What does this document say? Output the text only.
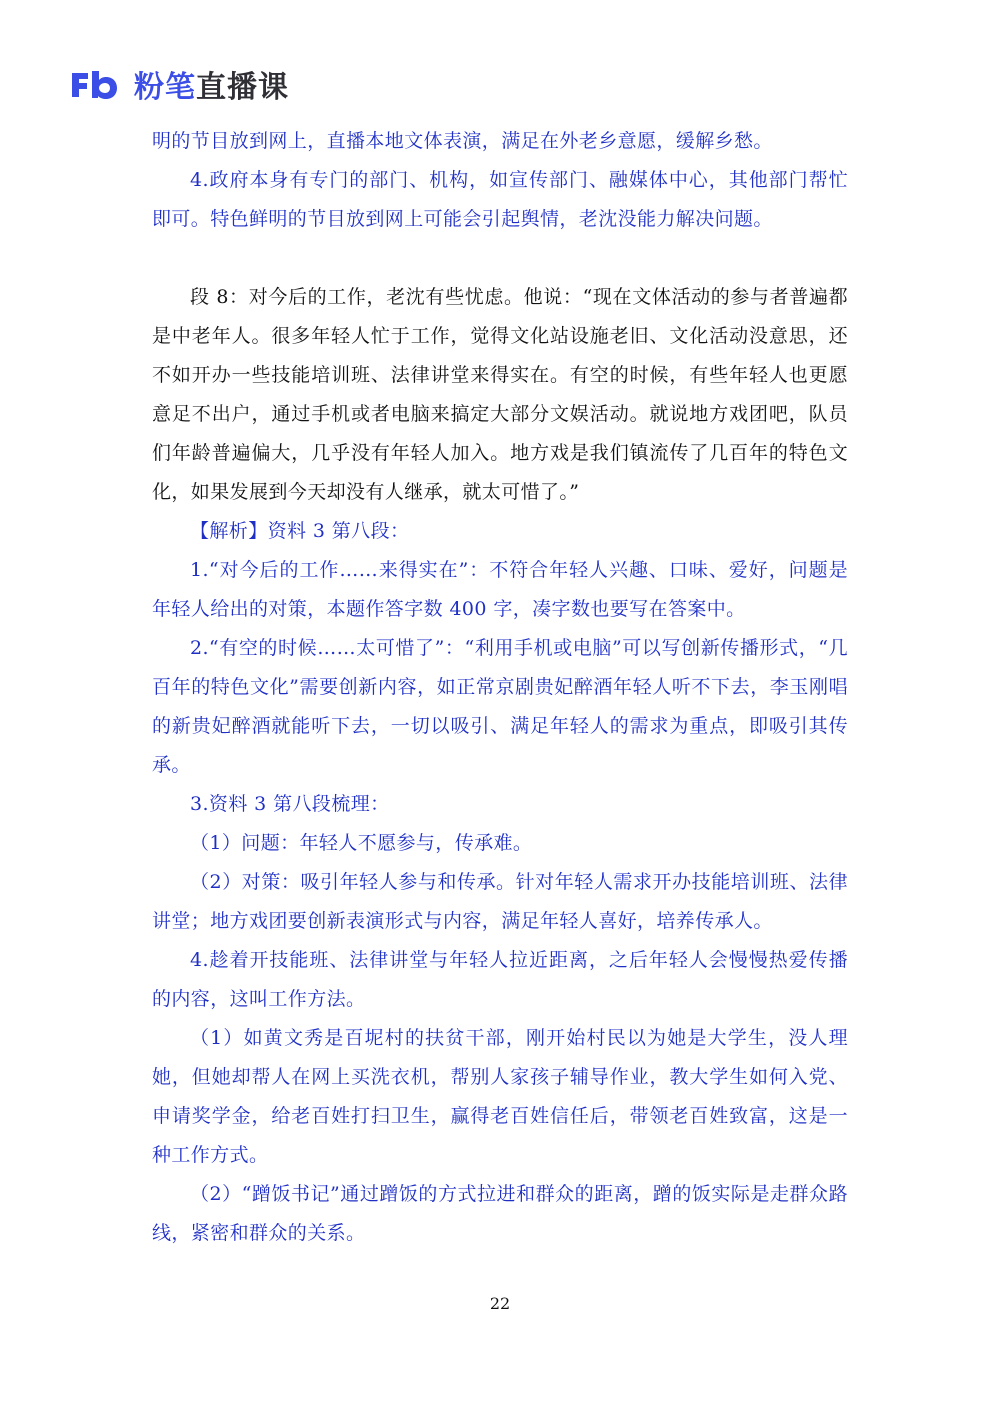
粉笔直播课

明的节目放到网上，直播本地文体表演，满足在外老乡意愿，缓解乡愁。

4.政府本身有专门的部门、机构，如宣传部门、融媒体中心，其他部门帮忙即可。特色鲜明的节目放到网上可能会引起舆情，老沈没能力解决问题。

段 8：对今后的工作，老沈有些忧虑。他说：“现在文体活动的参与者普遍都是中老年人。很多年轻人忙于工作，觉得文化站设施老旧、文化活动没意思，还不如开办一些技能培训班、法律讲堂来得实在。有空的时候，有些年轻人也更愿意足不出户，通过手机或者电脑来搞定大部分文娱活动。就说地方戏团吧，队员们年龄普遍偏大，几乎没有年轻人加入。地方戏是我们镇流传了几百年的特色文化，如果发展到今天却没有人继承，就太可惜了。”

【解析】资料 3 第八段：

1.“对今后的工作……来得实在”：不符合年轻人兴趣、口味、爱好，问题是年轻人给出的对策，本题作答字数 400 字，凑字数也要写在答案中。

2.“有空的时候……太可惜了”：“利用手机或电脑”可以写创新传播形式，“几百年的特色文化”需要创新内容，如正常京剧贵妃醉酒年轻人听不下去，李玉刚唱的新贵妃醉酒就能听下去，一切以吸引、满足年轻人的需求为重点，即吸引其传承。

3.资料 3 第八段梳理：

（1）问题：年轻人不愿参与，传承难。

（2）对策：吸引年轻人参与和传承。针对年轻人需求开办技能培训班、法律讲堂；地方戏团要创新表演形式与内容，满足年轻人喜好，培养传承人。

4.趁着开技能班、法律讲堂与年轻人拉近距离，之后年轻人会慢慢热爱传播的内容，这叫工作方法。

（1）如黄文秀是百坭村的扶贫干部，刚开始村民以为她是大学生，没人理她，但她却帮人在网上买洗衣机，帮别人家孩子辅导作业，教大学生如何入党、申请奖学金，给老百姓打扫卫生，赢得老百姓信任后，带领老百姓致富，这是一种工作方式。

（2）“蹭饭书记”通过蹭饭的方式拉进和群众的距离，蹭的饭实际是走群众路线，紧密和群众的关系。

22
